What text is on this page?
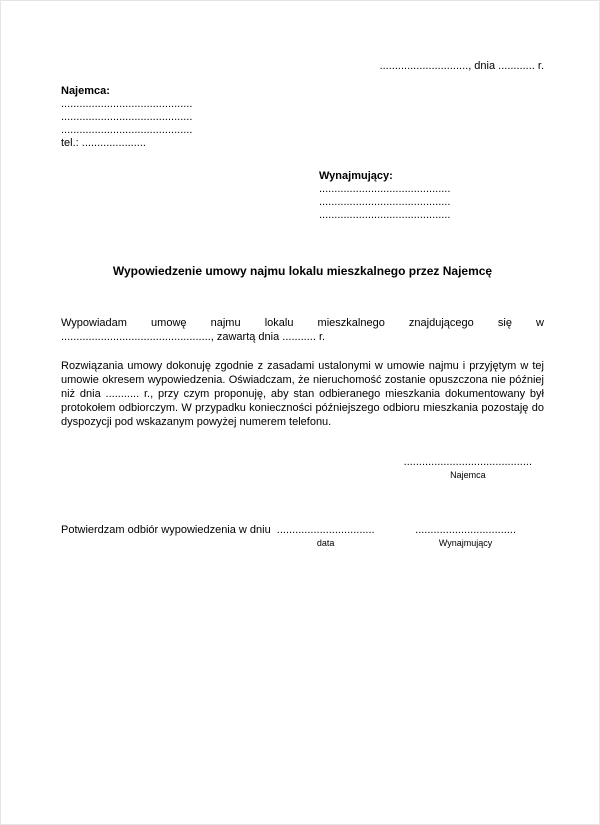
............................., dnia ............ r.
Najemca:
...........................................
...........................................
...........................................
tel.: .....................
Wynajmujący:
...........................................
...........................................
...........................................
Wypowiedzenie umowy najmu lokalu mieszkalnego przez Najemcę
Wypowiadam umowę najmu lokalu mieszkalnego znajdującego się w ................................................., zawartą dnia ........... r.
Rozwiązania umowy dokonuję zgodnie z zasadami ustalonymi w umowie najmu i przyjętym w tej umowie okresem wypowiedzenia. Oświadczam, że nieruchomość zostanie opuszczona nie później niż dnia ........... r., przy czym proponuję, aby stan odbieranego mieszkania dokumentowany był protokołem odbiorczym. W przypadku konieczności późniejszego odbioru mieszkania pozostaję do dyspozycji pod wskazanym powyżej numerem telefonu.
..........................................
Najemca
Potwierdzam odbiór wypowiedzenia w dniu ................................
data
.................................
Wynajmujący
